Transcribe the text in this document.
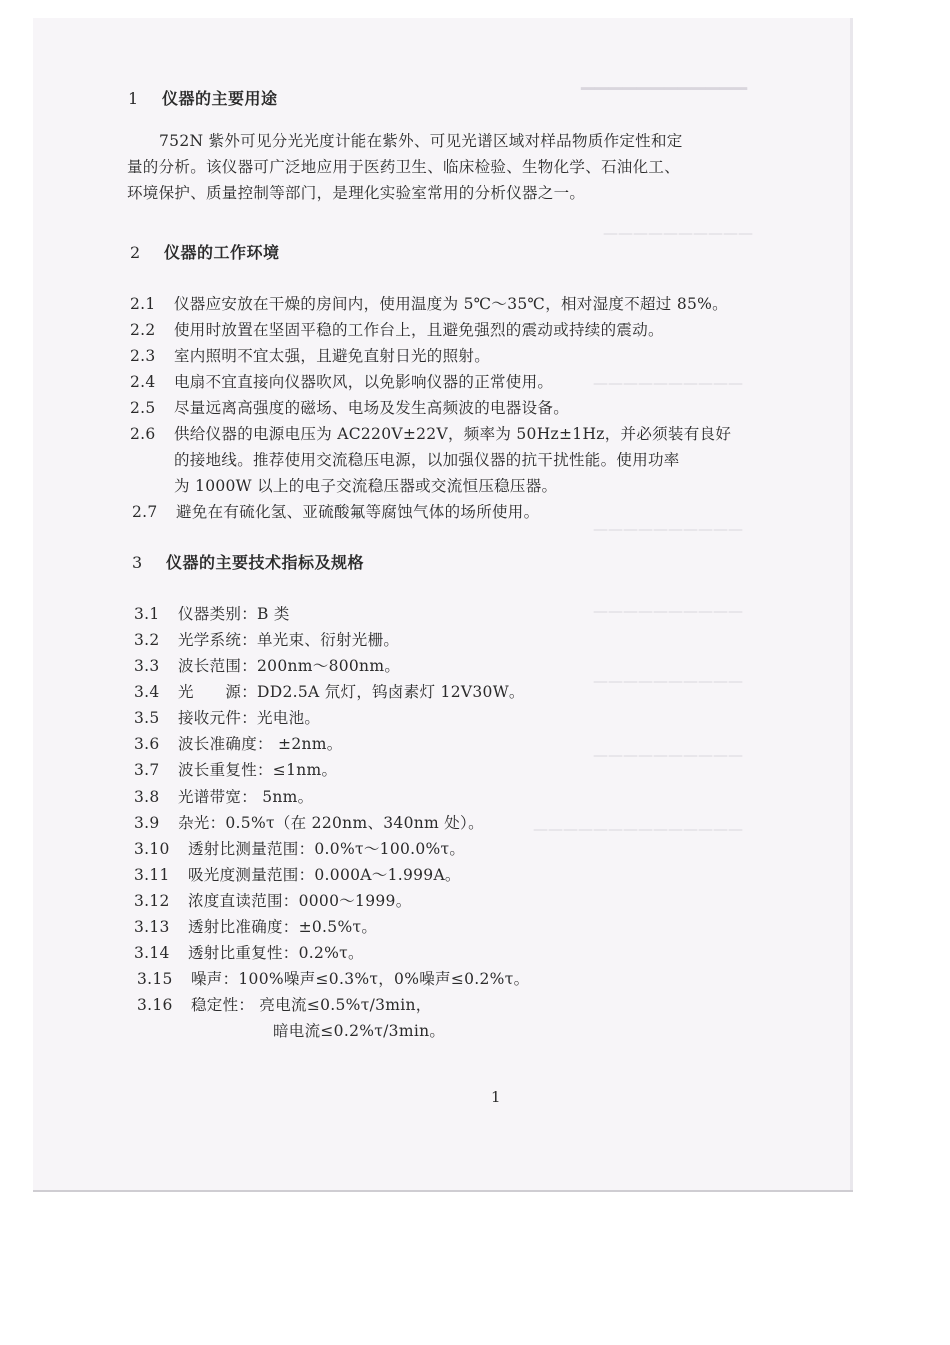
▔▔▔▔▔▔▔▔▔▔▔▔
——————————
——————————
——————————
——————————
——————————
——————————
——————————————
1 仪器的主要用途
752N 紫外可见分光光度计能在紫外、可见光谱区域对样品物质作定性和定
量的分析。该仪器可广泛地应用于医药卫生、临床检验、生物化学、石油化工、
环境保护、质量控制等部门，是理化实验室常用的分析仪器之一。
2 仪器的工作环境
2.1 仪器应安放在干燥的房间内，使用温度为 5℃～35℃，相对湿度不超过 85%。
2.2 使用时放置在坚固平稳的工作台上，且避免强烈的震动或持续的震动。
2.3 室内照明不宜太强，且避免直射日光的照射。
2.4 电扇不宜直接向仪器吹风，以免影响仪器的正常使用。
2.5 尽量远离高强度的磁场、电场及发生高频波的电器设备。
2.6 供给仪器的电源电压为 AC220V±22V，频率为 50Hz±1Hz，并必须装有良好
的接地线。推荐使用交流稳压电源，以加强仪器的抗干扰性能。使用功率
为 1000W 以上的电子交流稳压器或交流恒压稳压器。
2.7 避免在有硫化氢、亚硫酸氟等腐蚀气体的场所使用。
3 仪器的主要技术指标及规格
3.1 仪器类别：B 类
3.2 光学系统：单光束、衍射光栅。
3.3 波长范围：200nm～800nm。
3.4 光　　源：DD2.5A 氘灯，钨卤素灯 12V30W。
3.5 接收元件：光电池。
3.6 波长准确度： ±2nm。
3.7 波长重复性：≤1nm。
3.8 光谱带宽： 5nm。
3.9 杂光：0.5%τ（在 220nm、340nm 处）。
3.10 透射比测量范围：0.0%τ～100.0%τ。
3.11 吸光度测量范围：0.000A～1.999A。
3.12 浓度直读范围：0000～1999。
3.13 透射比准确度：±0.5%τ。
3.14 透射比重复性：0.2%τ。
3.15 噪声：100%噪声≤0.3%τ，0%噪声≤0.2%τ。
3.16 稳定性： 亮电流≤0.5%τ/3min，
暗电流≤0.2%τ/3min。
1
